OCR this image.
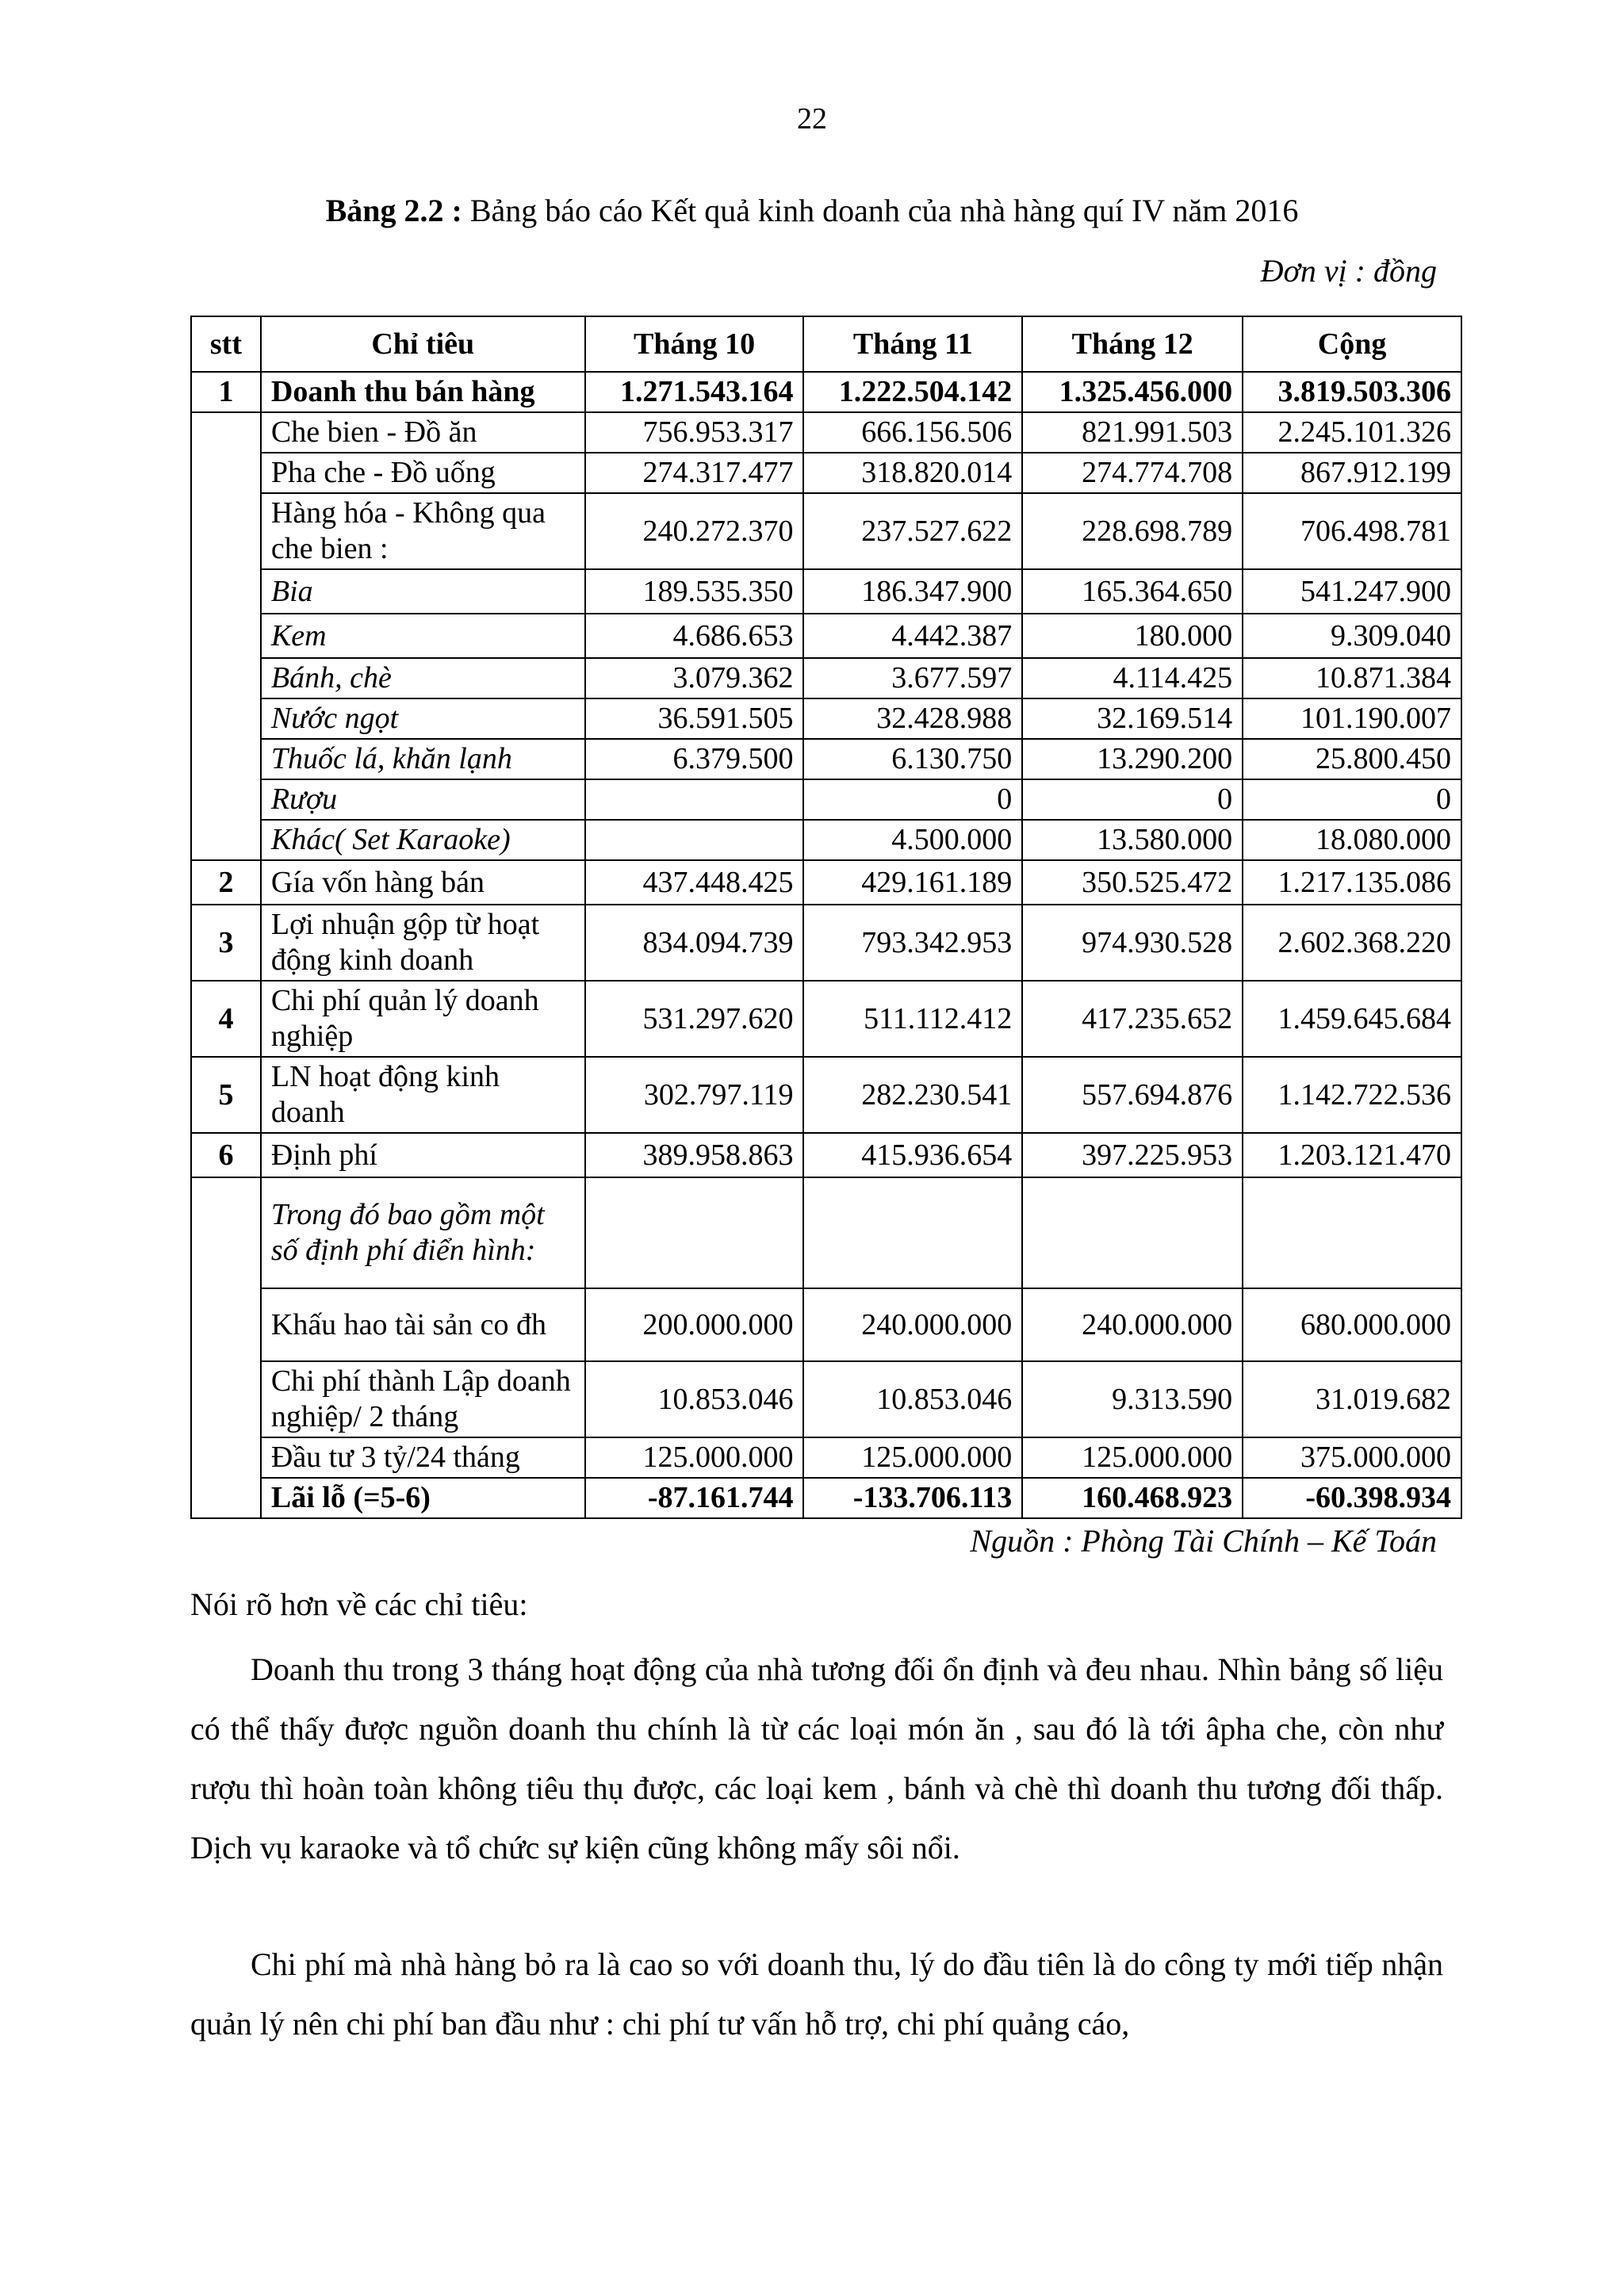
22
Bảng 2.2 : Bảng báo cáo Kết quả kinh doanh của nhà hàng quí IV năm 2016
Đơn vị : đồng
stt	Chỉ tiêu	Tháng 10	Tháng 11	Tháng 12	Cộng
1	Doanh thu bán hàng	1.271.543.164	1.222.504.142	1.325.456.000	3.819.503.306
	Che bien - Đồ ăn	756.953.317	666.156.506	821.991.503	2.245.101.326
	Pha che - Đồ uống	274.317.477	318.820.014	274.774.708	867.912.199
	Hàng hóa - Không qua che bien :	240.272.370	237.527.622	228.698.789	706.498.781
	Bia	189.535.350	186.347.900	165.364.650	541.247.900
	Kem	4.686.653	4.442.387	180.000	9.309.040
	Bánh, chè	3.079.362	3.677.597	4.114.425	10.871.384
	Nước ngọt	36.591.505	32.428.988	32.169.514	101.190.007
	Thuốc lá, khăn lạnh	6.379.500	6.130.750	13.290.200	25.800.450
	Rượu		0	0	0
	Khác( Set Karaoke)		4.500.000	13.580.000	18.080.000
2	Gía vốn hàng bán	437.448.425	429.161.189	350.525.472	1.217.135.086
3	Lợi nhuận gộp từ hoạt động kinh doanh	834.094.739	793.342.953	974.930.528	2.602.368.220
4	Chi phí quản lý doanh nghiệp	531.297.620	511.112.412	417.235.652	1.459.645.684
5	LN hoạt động kinh doanh	302.797.119	282.230.541	557.694.876	1.142.722.536
6	Định phí	389.958.863	415.936.654	397.225.953	1.203.121.470
	Trong đó bao gồm một số định phí điển hình:				
	Khấu hao tài sản co đh	200.000.000	240.000.000	240.000.000	680.000.000
	Chi phí thành Lập doanh nghiệp/ 2 tháng	10.853.046	10.853.046	9.313.590	31.019.682
	Đầu tư 3 tỷ/24 tháng	125.000.000	125.000.000	125.000.000	375.000.000
	Lãi lỗ (=5-6)	-87.161.744	-133.706.113	160.468.923	-60.398.934
Nguồn : Phòng Tài Chính – Kế Toán
Nói rõ hơn về các chỉ tiêu:

Doanh thu trong 3 tháng hoạt động của nhà tương đối ổn định và đeu nhau. Nhìn bảng số liệu có thể thấy được nguồn doanh thu chính là từ các loại món ăn , sau đó là tới âpha che, còn như rượu thì hoàn toàn không tiêu thụ được, các loại kem , bánh và chè thì doanh thu tương đối thấp. Dịch vụ karaoke và tổ chức sự kiện cũng không mấy sôi nổi.

Chi phí mà nhà hàng bỏ ra là cao so với doanh thu, lý do đầu tiên là do công ty mới tiếp nhận quản lý nên chi phí ban đầu như : chi phí tư vấn hỗ trợ, chi phí quảng cáo,
